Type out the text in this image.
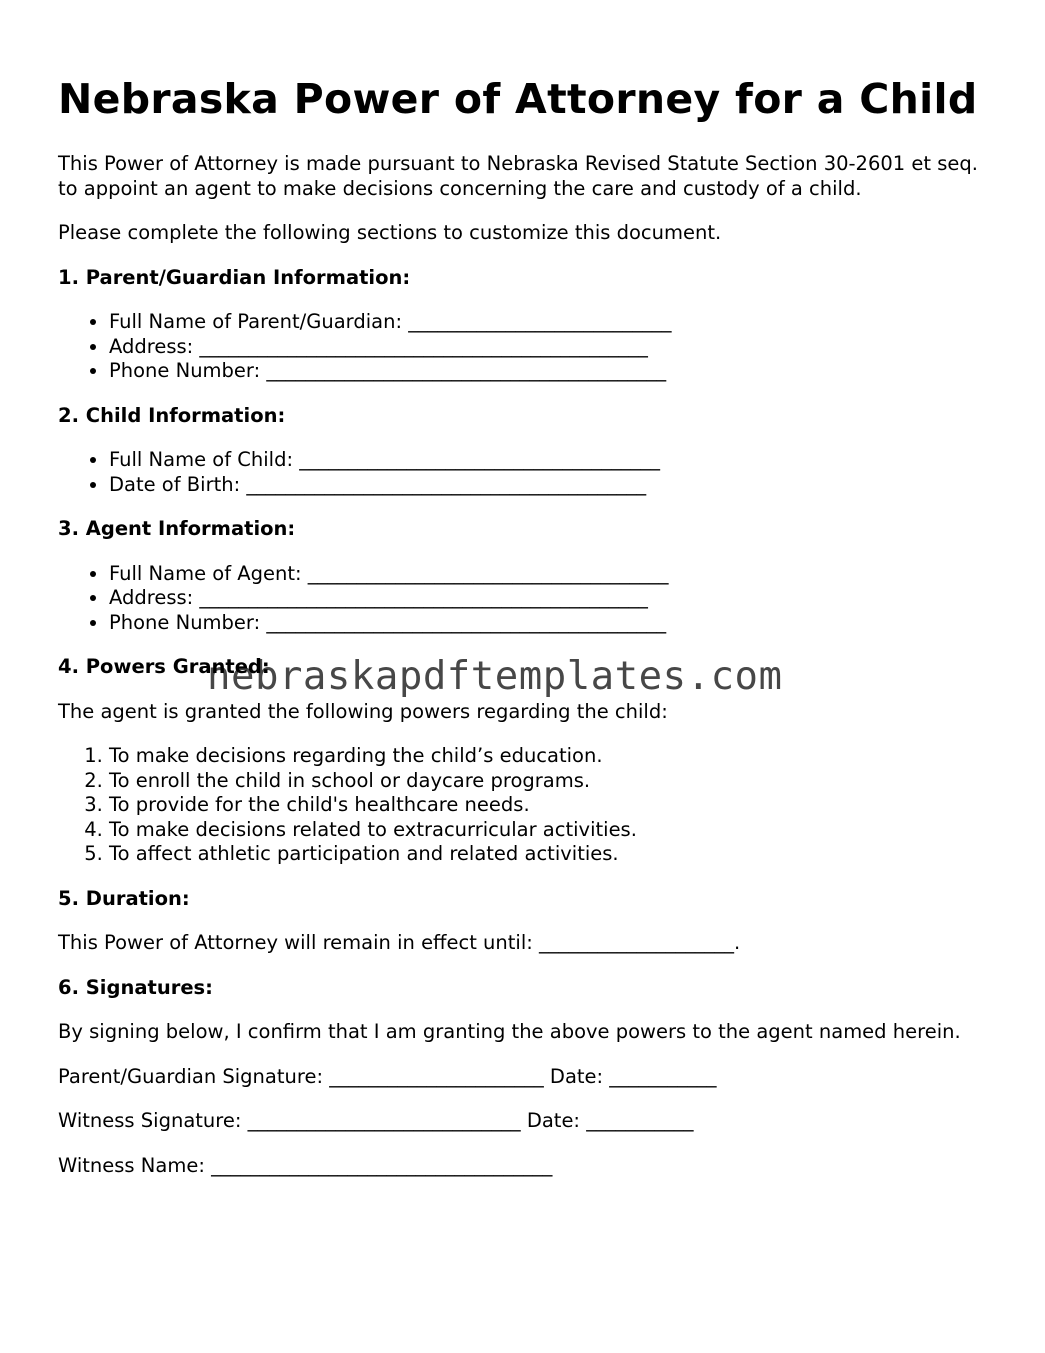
Nebraska Power of Attorney for a Child

This Power of Attorney is made pursuant to Nebraska Revised Statute Section 30-2601 et seq. to appoint an agent to make decisions concerning the care and custody of a child.

Please complete the following sections to customize this document.

1. Parent/Guardian Information:

• Full Name of Parent/Guardian: ___________________________
• Address: ______________________________________________
• Phone Number: _________________________________________

2. Child Information:

• Full Name of Child: _____________________________________
• Date of Birth: _________________________________________

3. Agent Information:

• Full Name of Agent: _____________________________________
• Address: ______________________________________________
• Phone Number: _________________________________________

4. Powers Granted:

The agent is granted the following powers regarding the child:

1. To make decisions regarding the child’s education.
2. To enroll the child in school or daycare programs.
3. To provide for the child's healthcare needs.
4. To make decisions related to extracurricular activities.
5. To affect athletic participation and related activities.

5. Duration:

This Power of Attorney will remain in effect until: ____________________.

6. Signatures:

By signing below, I confirm that I am granting the above powers to the agent named herein.

Parent/Guardian Signature: ______________________ Date: ___________

Witness Signature: ____________________________ Date: ___________

Witness Name: ___________________________________

nebraskapdftemplates.com
